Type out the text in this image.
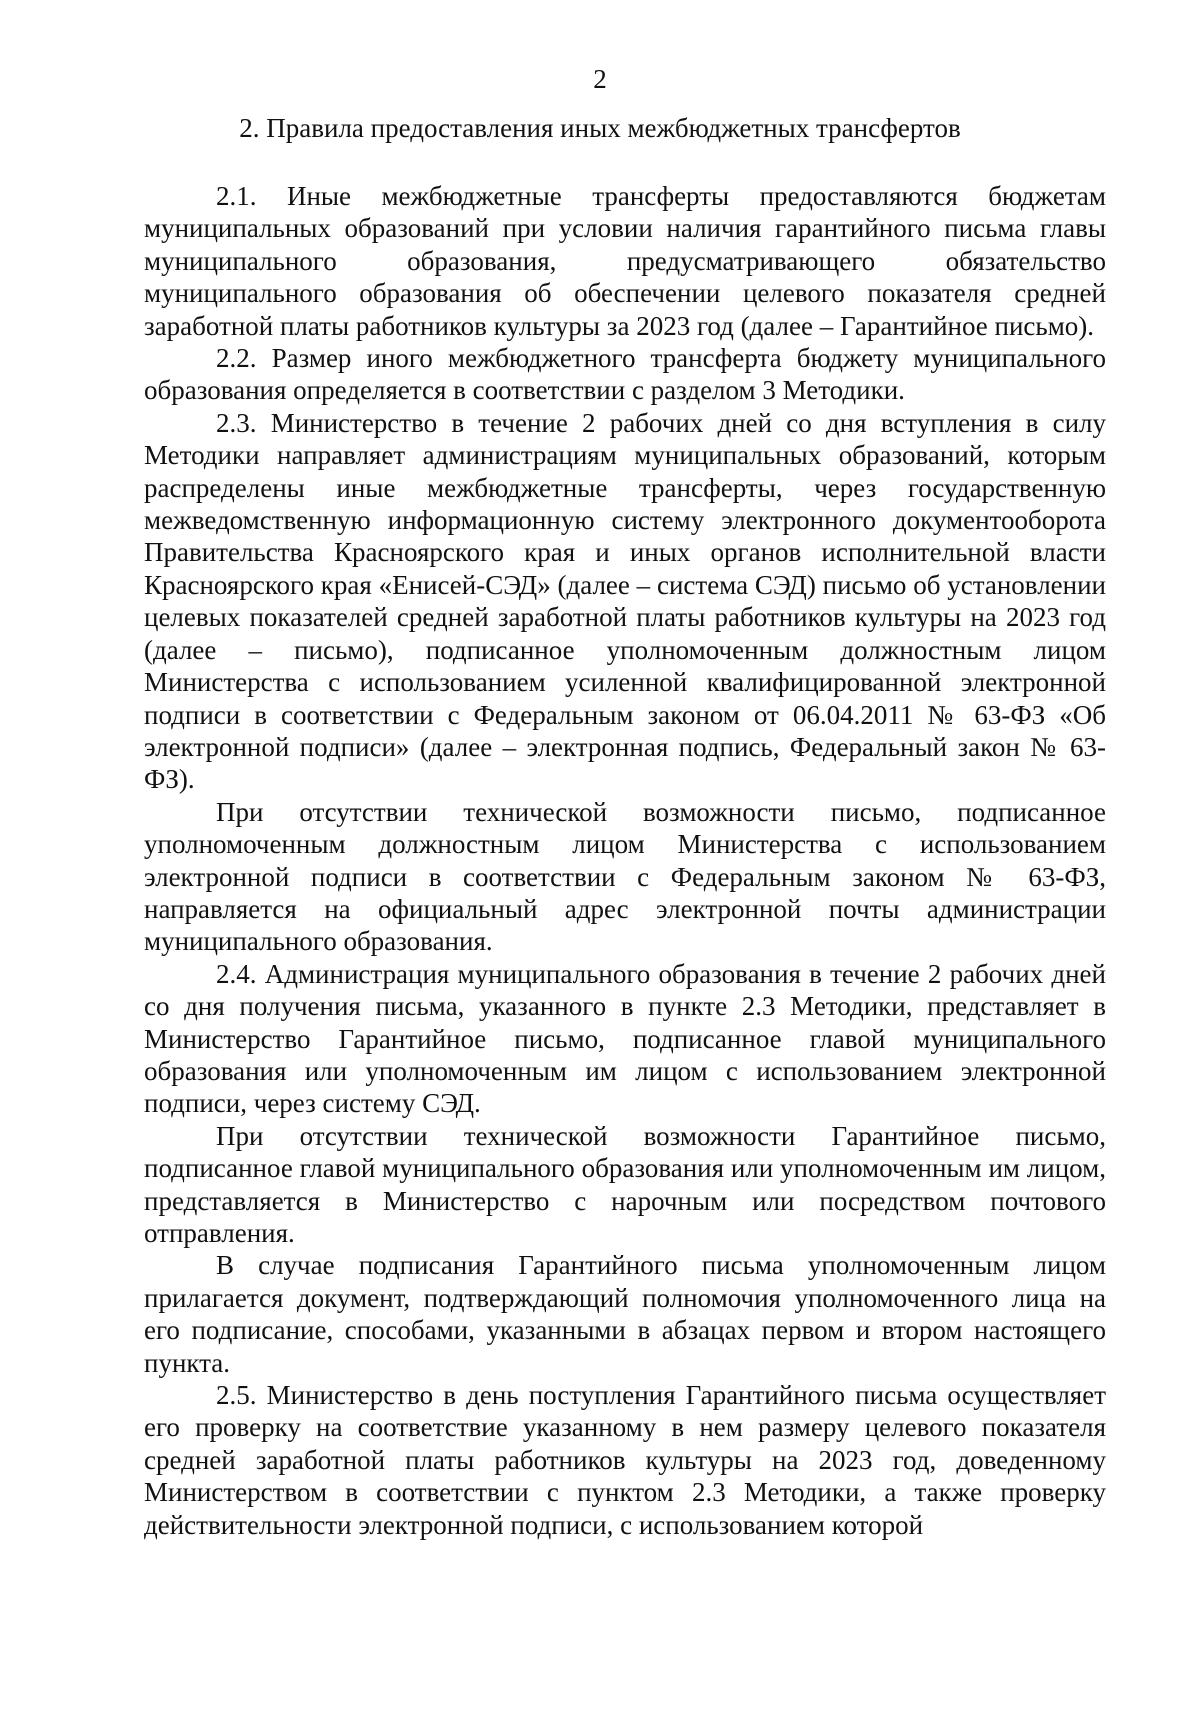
2
2. Правила предоставления иных межбюджетных трансфертов

2.1. Иные межбюджетные трансферты предоставляются бюджетам муниципальных образований при условии наличия гарантийного письма главы муниципального образования, предусматривающего обязательство муниципального образования об обеспечении целевого показателя средней заработной платы работников культуры за 2023 год (далее – Гарантийное письмо).

2.2. Размер иного межбюджетного трансферта бюджету муниципального образования определяется в соответствии с разделом 3 Методики.

2.3. Министерство в течение 2 рабочих дней со дня вступления в силу Методики направляет администрациям муниципальных образований, которым распределены иные межбюджетные трансферты, через государственную межведомственную информационную систему электронного документооборота Правительства Красноярского края и иных органов исполнительной власти Красноярского края «Енисей-СЭД» (далее – система СЭД) письмо об установлении целевых показателей средней заработной платы работников культуры на 2023 год (далее – письмо), подписанное уполномоченным должностным лицом Министерства с использованием усиленной квалифицированной электронной подписи в соответствии с Федеральным законом от 06.04.2011 № 63-ФЗ «Об электронной подписи» (далее – электронная подпись, Федеральный закон № 63-ФЗ).

При отсутствии технической возможности письмо, подписанное уполномоченным должностным лицом Министерства с использованием электронной подписи в соответствии с Федеральным законом № 63-ФЗ, направляется на официальный адрес электронной почты администрации муниципального образования.

2.4. Администрация муниципального образования в течение 2 рабочих дней со дня получения письма, указанного в пункте 2.3 Методики, представляет в Министерство Гарантийное письмо, подписанное главой муниципального образования или уполномоченным им лицом с использованием электронной подписи, через систему СЭД.

При отсутствии технической возможности Гарантийное письмо, подписанное главой муниципального образования или уполномоченным им лицом, представляется в Министерство с нарочным или посредством почтового отправления.

В случае подписания Гарантийного письма уполномоченным лицом прилагается документ, подтверждающий полномочия уполномоченного лица на его подписание, способами, указанными в абзацах первом и втором настоящего пункта.

2.5. Министерство в день поступления Гарантийного письма осуществляет его проверку на соответствие указанному в нем размеру целевого показателя средней заработной платы работников культуры на 2023 год, доведенному Министерством в соответствии с пунктом 2.3 Методики, а также проверку действительности электронной подписи, с использованием которой
